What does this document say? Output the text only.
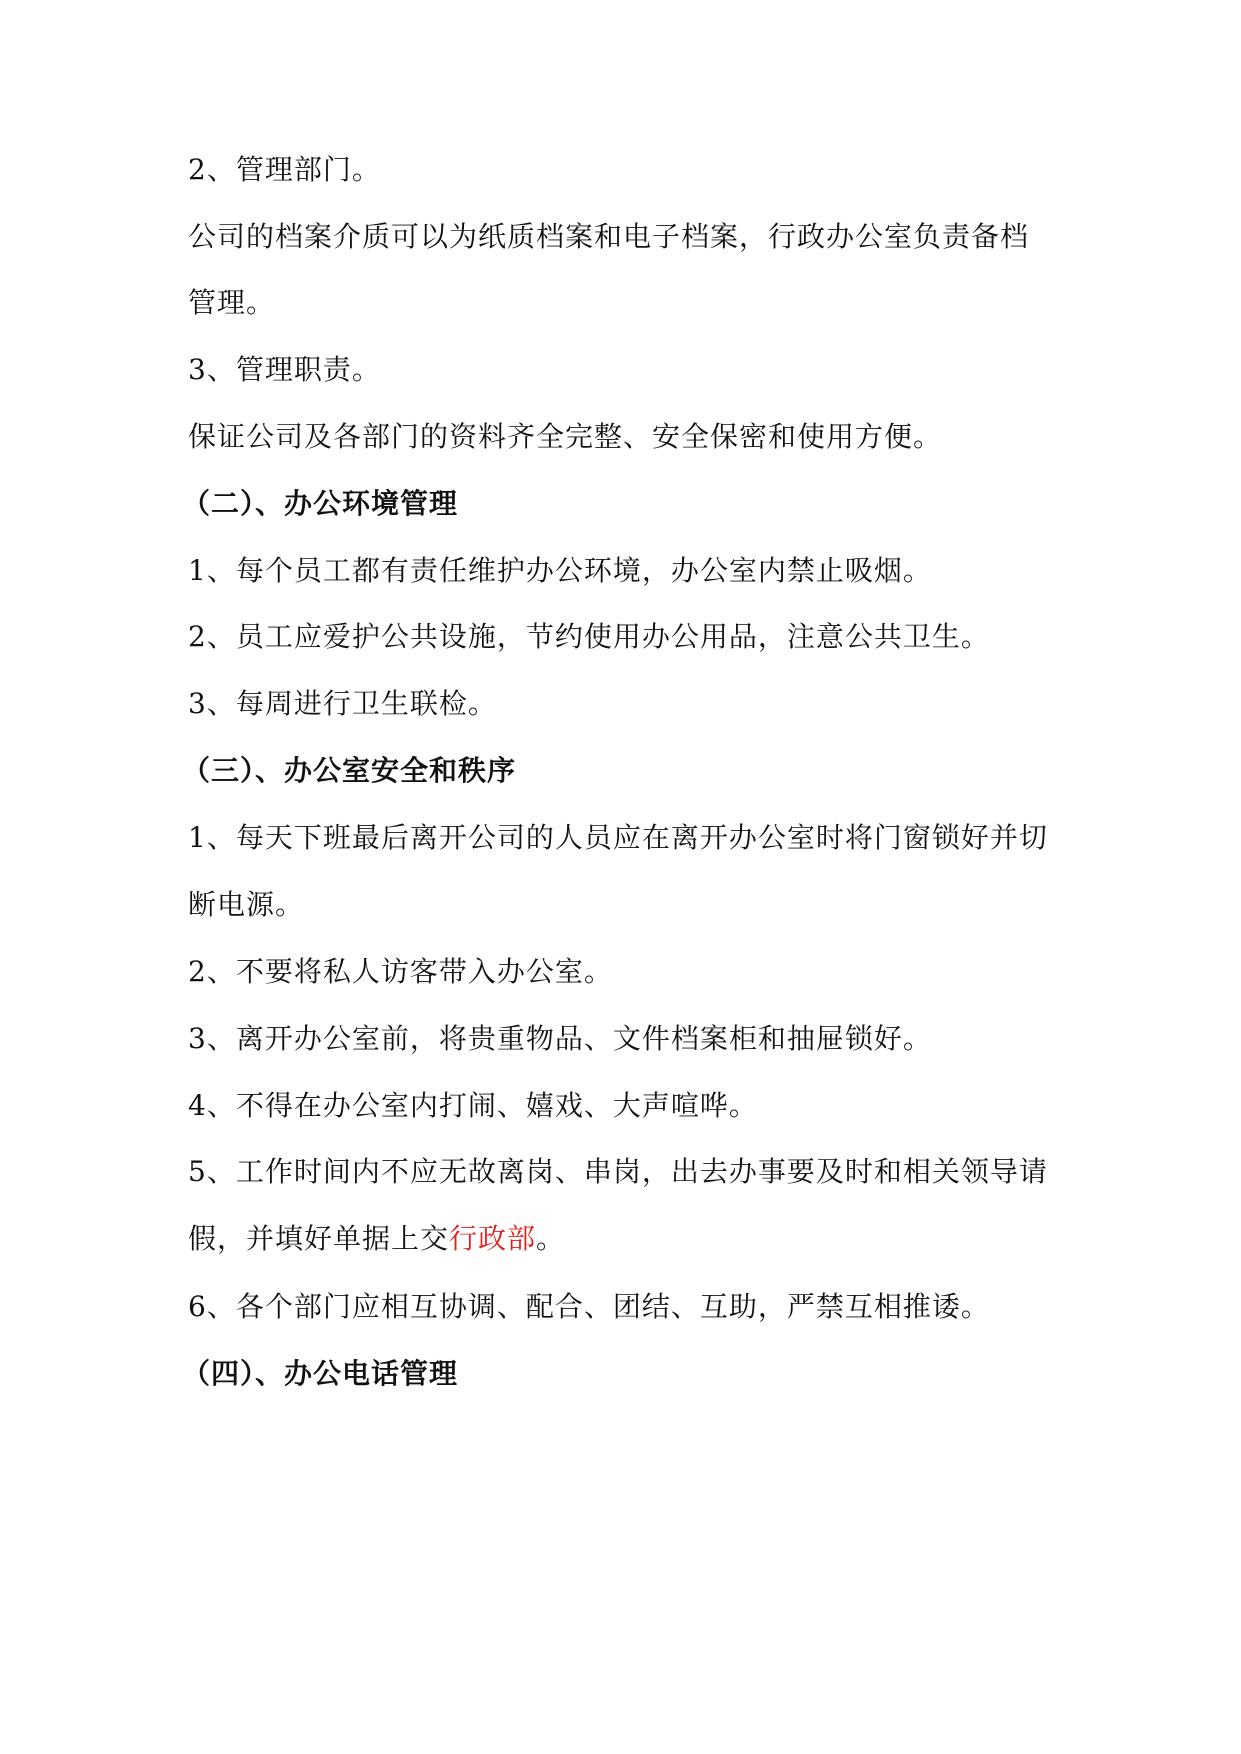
2、管理部门。
公司的档案介质可以为纸质档案和电子档案，行政办公室负责备档
管理。
3、管理职责。
保证公司及各部门的资料齐全完整、安全保密和使用方便。
（二）、办公环境管理
1、每个员工都有责任维护办公环境，办公室内禁止吸烟。
2、员工应爱护公共设施，节约使用办公用品，注意公共卫生。
3、每周进行卫生联检。
（三）、办公室安全和秩序
1、每天下班最后离开公司的人员应在离开办公室时将门窗锁好并切
断电源。
2、不要将私人访客带入办公室。
3、离开办公室前，将贵重物品、文件档案柜和抽屉锁好。
4、不得在办公室内打闹、嬉戏、大声喧哗。
5、工作时间内不应无故离岗、串岗，出去办事要及时和相关领导请
假，并填好单据上交行政部。
6、各个部门应相互协调、配合、团结、互助，严禁互相推诿。
（四）、办公电话管理
